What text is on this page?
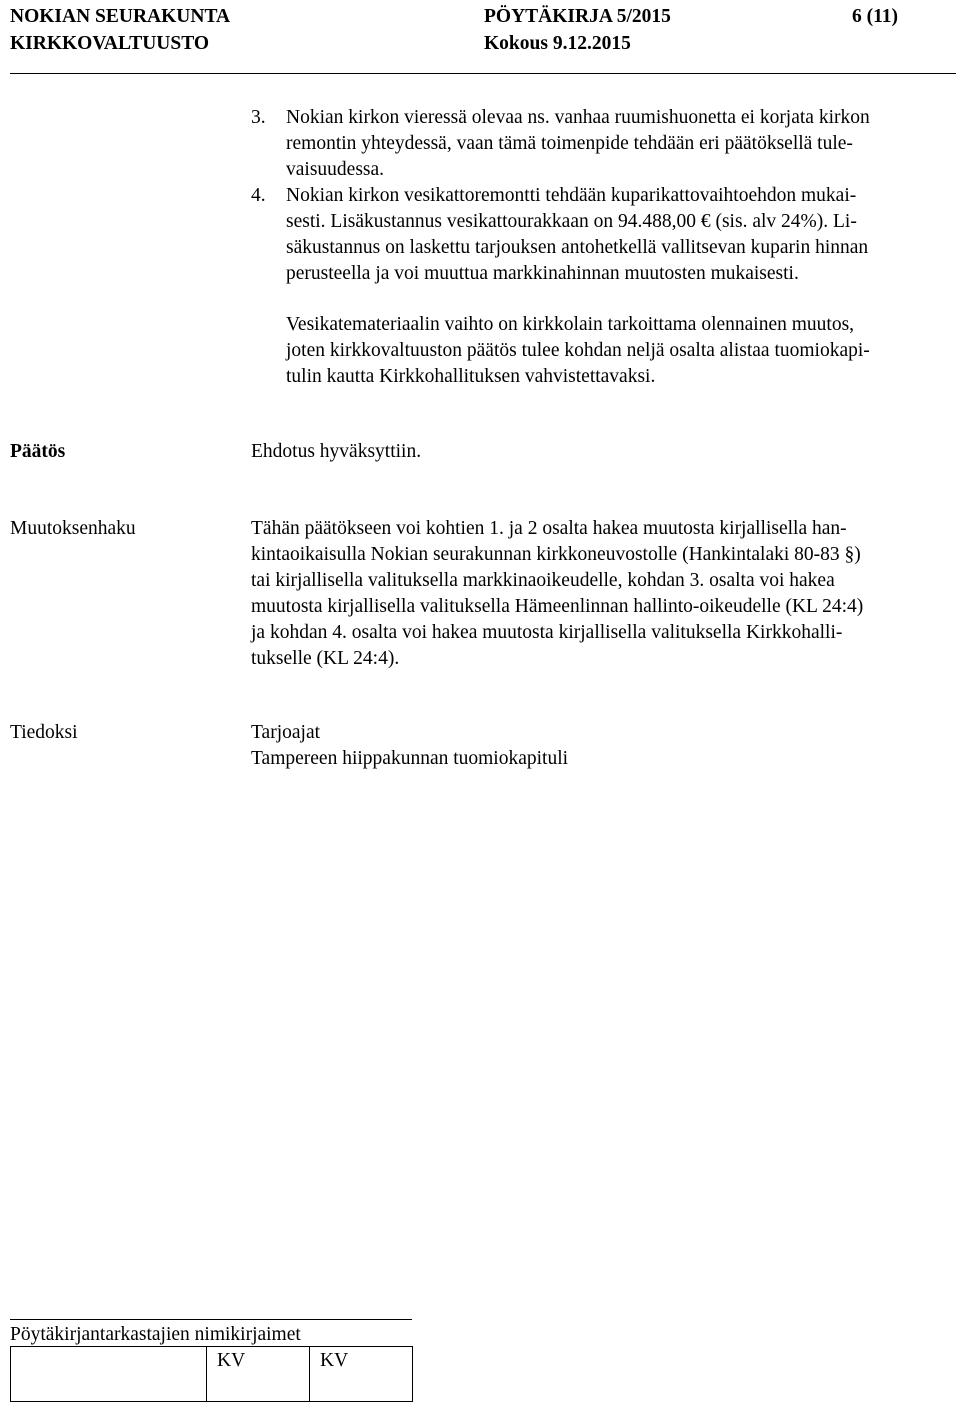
NOKIAN SEURAKUNTA	PÖYTÄKIRJA 5/2015	6 (11)
KIRKKOVALTUUSTO	Kokous 9.12.2015
3. Nokian kirkon vieressä olevaa ns. vanhaa ruumishuonetta ei korjata kirkon
remontin yhteydessä, vaan tämä toimenpide tehdään eri päätöksellä tule-
vaisuudessa.
4. Nokian kirkon vesikattoremontti tehdään kuparikattovaihtoehdon mukai-
sesti. Lisäkustannus vesikattourakkaan on 94.488,00 € (sis. alv 24%). Li-
säkustannus on laskettu tarjouksen antohetkellä vallitsevan kuparin hinnan
perusteella ja voi muuttua markkinahinnan muutosten mukaisesti.
Vesikatemateriaalin vaihto on kirkkolain tarkoittama olennainen muutos,
joten kirkkovaltuuston päätös tulee kohdan neljä osalta alistaa tuomiokapi-
tulin kautta Kirkkohallituksen vahvistettavaksi.
Päätös	Ehdotus hyväksyttiin.
Muutoksenhaku	Tähän päätökseen voi kohtien 1. ja 2 osalta hakea muutosta kirjallisella han-
kintaoikaisulla Nokian seurakunnan kirkkoneuvostolle (Hankintalaki 80-83 §)
tai kirjallisella valituksella markkinaoikeudelle, kohdan 3. osalta voi hakea
muutosta kirjallisella valituksella Hämeenlinnan hallinto-oikeudelle (KL 24:4)
ja kohdan 4. osalta voi hakea muutosta kirjallisella valituksella Kirkkohalli-
tukselle (KL 24:4).
Tiedoksi	Tarjoajat
Tampereen hiippakunnan tuomiokapituli
Pöytäkirjantarkastajien nimikirjaimet
KV	KV
